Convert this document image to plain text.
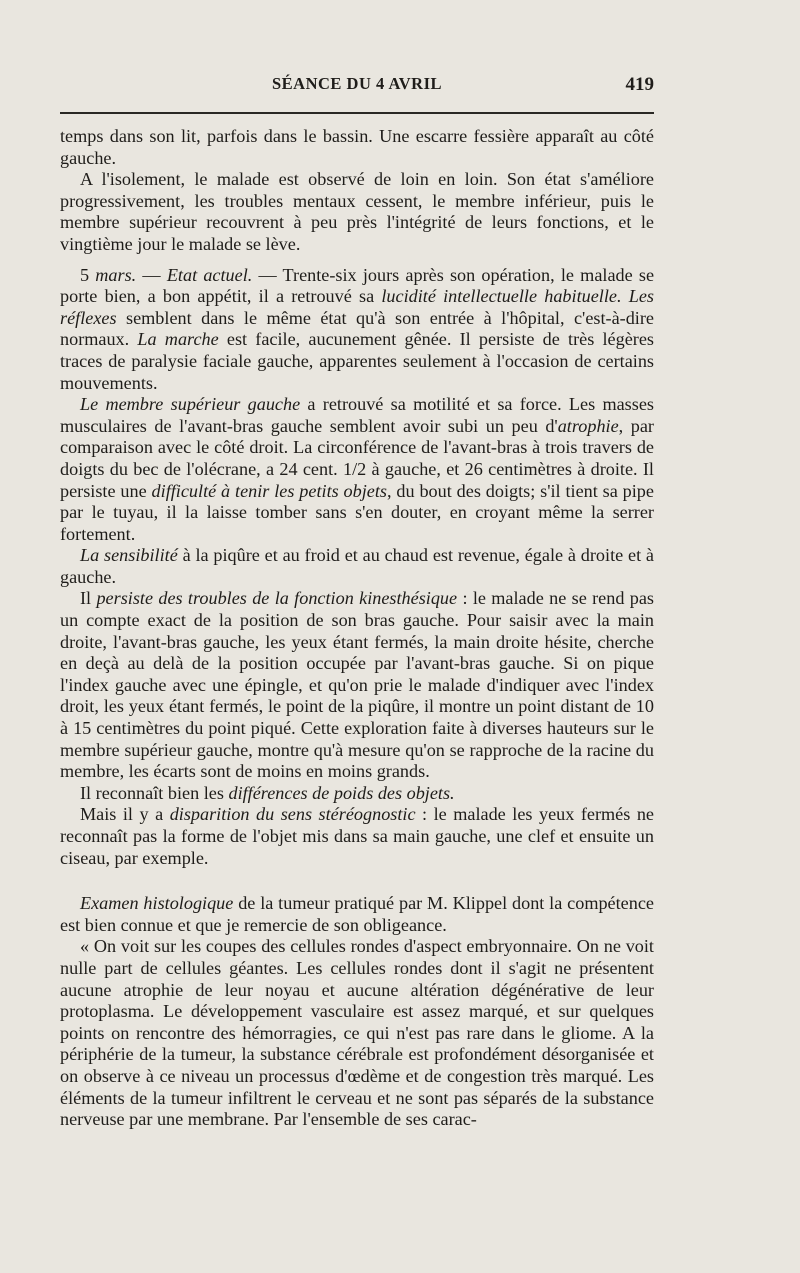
SÉANCE DU 4 AVRIL	419

temps dans son lit, parfois dans le bassin. Une escarre fessière apparaît au côté gauche.

A l'isolement, le malade est observé de loin en loin. Son état s'améliore progressivement, les troubles mentaux cessent, le membre inférieur, puis le membre supérieur recouvrent à peu près l'intégrité de leurs fonctions, et le vingtième jour le malade se lève.

5 mars. — Etat actuel. — Trente-six jours après son opération, le malade se porte bien, a bon appétit, il a retrouvé sa lucidité intellectuelle habituelle. Les réflexes semblent dans le même état qu'à son entrée à l'hôpital, c'est-à-dire normaux. La marche est facile, aucunement gênée. Il persiste de très légères traces de paralysie faciale gauche, apparentes seulement à l'occasion de certains mouvements.

Le membre supérieur gauche a retrouvé sa motilité et sa force. Les masses musculaires de l'avant-bras gauche semblent avoir subi un peu d'atrophie, par comparaison avec le côté droit. La circonférence de l'avant-bras à trois travers de doigts du bec de l'olécrane, a 24 cent. 1/2 à gauche, et 26 centimètres à droite. Il persiste une difficulté à tenir les petits objets, du bout des doigts; s'il tient sa pipe par le tuyau, il la laisse tomber sans s'en douter, en croyant même la serrer fortement.

La sensibilité à la piqûre et au froid et au chaud est revenue, égale à droite et à gauche.

Il persiste des troubles de la fonction kinesthésique : le malade ne se rend pas un compte exact de la position de son bras gauche. Pour saisir avec la main droite, l'avant-bras gauche, les yeux étant fermés, la main droite hésite, cherche en deçà au delà de la position occupée par l'avant-bras gauche. Si on pique l'index gauche avec une épingle, et qu'on prie le malade d'indiquer avec l'index droit, les yeux étant fermés, le point de la piqûre, il montre un point distant de 10 à 15 centimètres du point piqué. Cette exploration faite à diverses hauteurs sur le membre supérieur gauche, montre qu'à mesure qu'on se rapproche de la racine du membre, les écarts sont de moins en moins grands.

Il reconnaît bien les différences de poids des objets.

Mais il y a disparition du sens stéréognostic : le malade les yeux fermés ne reconnaît pas la forme de l'objet mis dans sa main gauche, une clef et ensuite un ciseau, par exemple.

Examen histologique de la tumeur pratiqué par M. Klippel dont la compétence est bien connue et que je remercie de son obligeance.

« On voit sur les coupes des cellules rondes d'aspect embryonnaire. On ne voit nulle part de cellules géantes. Les cellules rondes dont il s'agit ne présentent aucune atrophie de leur noyau et aucune altération dégénérative de leur protoplasma. Le développement vasculaire est assez marqué, et sur quelques points on rencontre des hémorragies, ce qui n'est pas rare dans le gliome. A la périphérie de la tumeur, la substance cérébrale est profondément désorganisée et on observe à ce niveau un processus d'œdème et de congestion très marqué. Les éléments de la tumeur infiltrent le cerveau et ne sont pas séparés de la substance nerveuse par une membrane. Par l'ensemble de ses carac-
